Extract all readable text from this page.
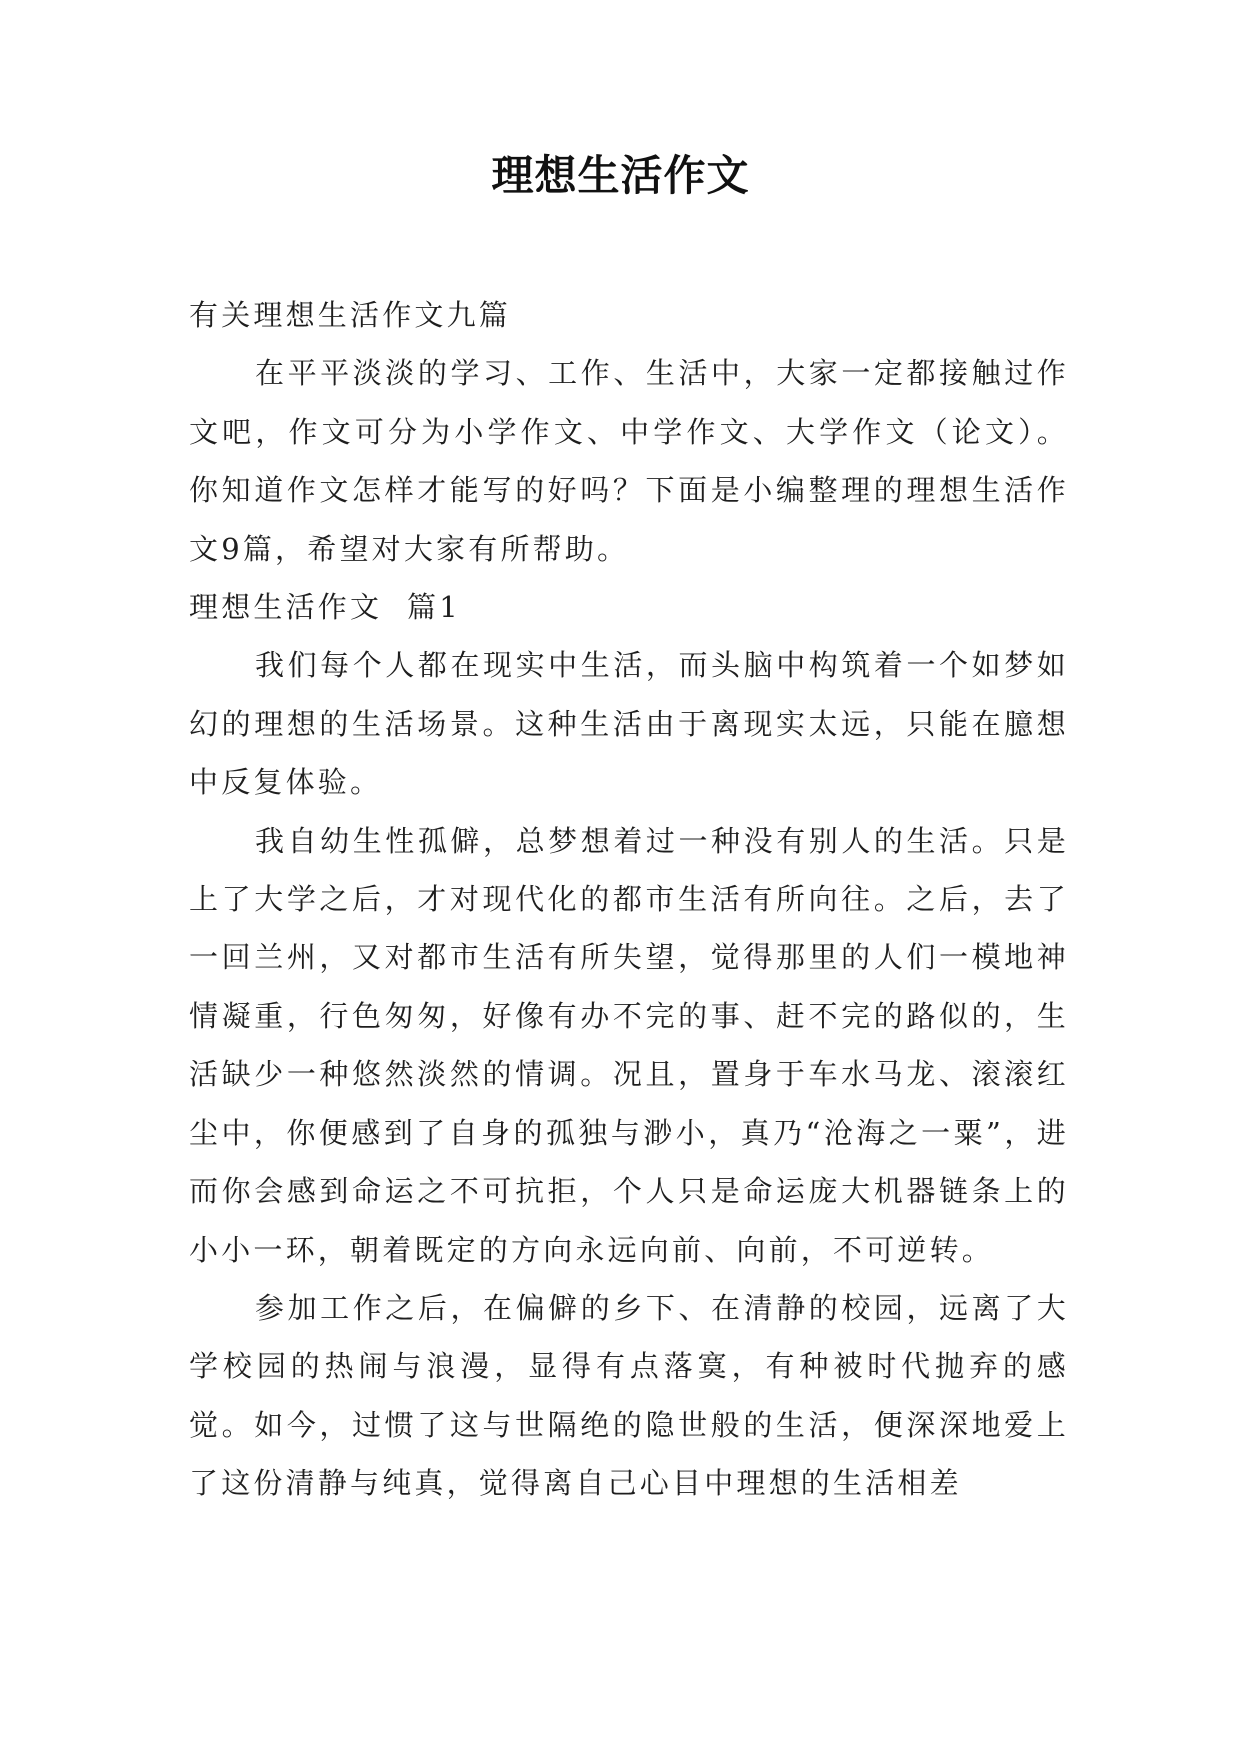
理想生活作文

有关理想生活作文九篇

在平平淡淡的学习、工作、生活中，大家一定都接触过作文吧，作文可分为小学作文、中学作文、大学作文（论文）。你知道作文怎样才能写的好吗？下面是小编整理的理想生活作文9篇，希望对大家有所帮助。

理想生活作文  篇1

我们每个人都在现实中生活，而头脑中构筑着一个如梦如幻的理想的生活场景。这种生活由于离现实太远，只能在臆想中反复体验。

我自幼生性孤僻，总梦想着过一种没有别人的生活。只是上了大学之后，才对现代化的都市生活有所向往。之后，去了一回兰州，又对都市生活有所失望，觉得那里的人们一模地神情凝重，行色匆匆，好像有办不完的事、赶不完的路似的，生活缺少一种悠然淡然的情调。况且，置身于车水马龙、滚滚红尘中，你便感到了自身的孤独与渺小，真乃“沧海之一粟”，进而你会感到命运之不可抗拒，个人只是命运庞大机器链条上的小小一环，朝着既定的方向永远向前、向前，不可逆转。

参加工作之后，在偏僻的乡下、在清静的校园，远离了大学校园的热闹与浪漫，显得有点落寞，有种被时代抛弃的感觉。如今，过惯了这与世隔绝的隐世般的生活，便深深地爱上了这份清静与纯真，觉得离自己心目中理想的生活相差
